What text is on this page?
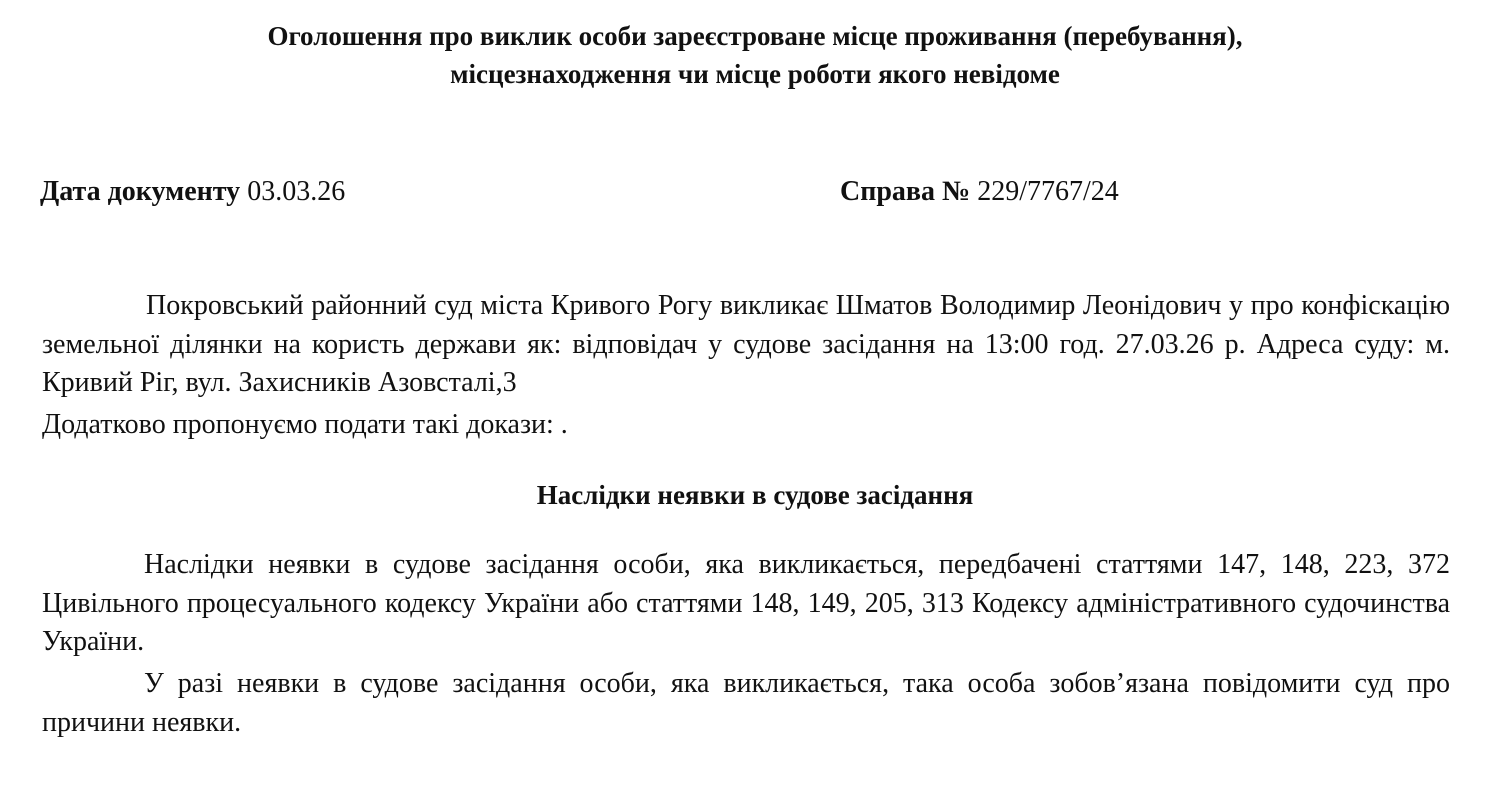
Оголошення про виклик особи зареєстроване місце проживання (перебування),
місцезнаходження чи місце роботи якого невідоме
Дата документу 03.03.26	Справа № 229/7767/24
Покровський районний суд міста Кривого Рогу викликає Шматов Володимир Леонідович у про конфіскацію земельної ділянки на користь держави як: відповідач у судове засідання на 13:00 год. 27.03.26 р. Адреса суду: м. Кривий Ріг, вул. Захисників Азовсталі,3
Додатково пропонуємо подати такі докази: .
Наслідки неявки в судове засідання
Наслідки неявки в судове засідання особи, яка викликається, передбачені статтями 147, 148, 223, 372 Цивільного процесуального кодексу України або статтями 148, 149, 205, 313 Кодексу адміністративного судочинства України.
У разі неявки в судове засідання особи, яка викликається, така особа зобов’язана повідомити суд про причини неявки.
